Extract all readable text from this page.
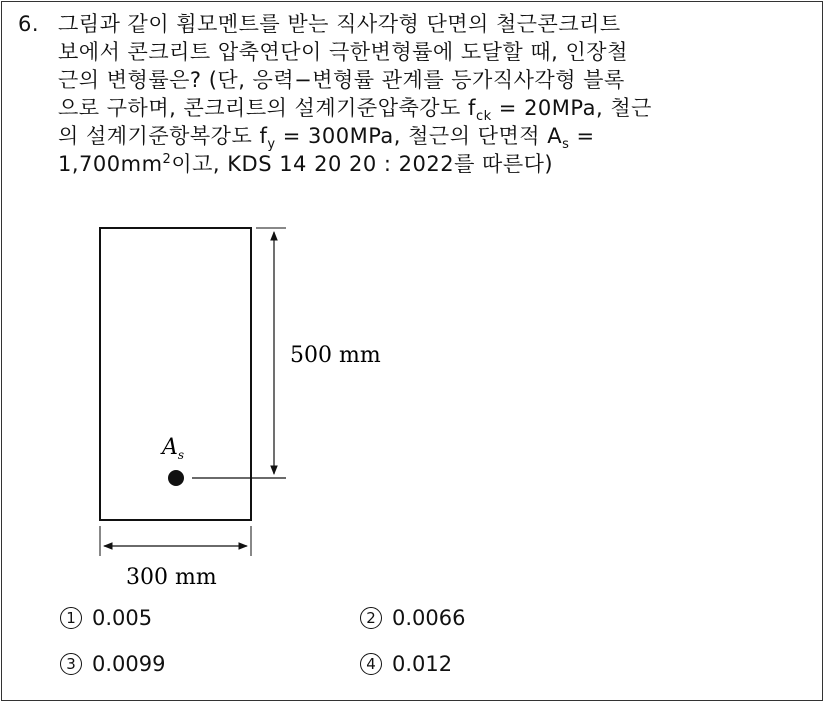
6. 그림과 같이 휨모멘트를 받는 직사각형 단면의 철근콘크리트
보에서 콘크리트 압축연단이 극한변형률에 도달할 때, 인장철
근의 변형률은? (단, 응력−변형률 관계를 등가직사각형 블록
으로 구하며, 콘크리트의 설계기준압축강도 $f_{ck} = 20MPa$, 철근
의 설계기준항복강도 $f_y = 300MPa$, 철근의 단면적 $A_s$ =
$1,700mm^2$이고, KDS 14 20 20 : 2022를 따른다)
500 mm
$A_s$
300 mm
1 0.005	2 0.0066
3 0.0099	4 0.012
